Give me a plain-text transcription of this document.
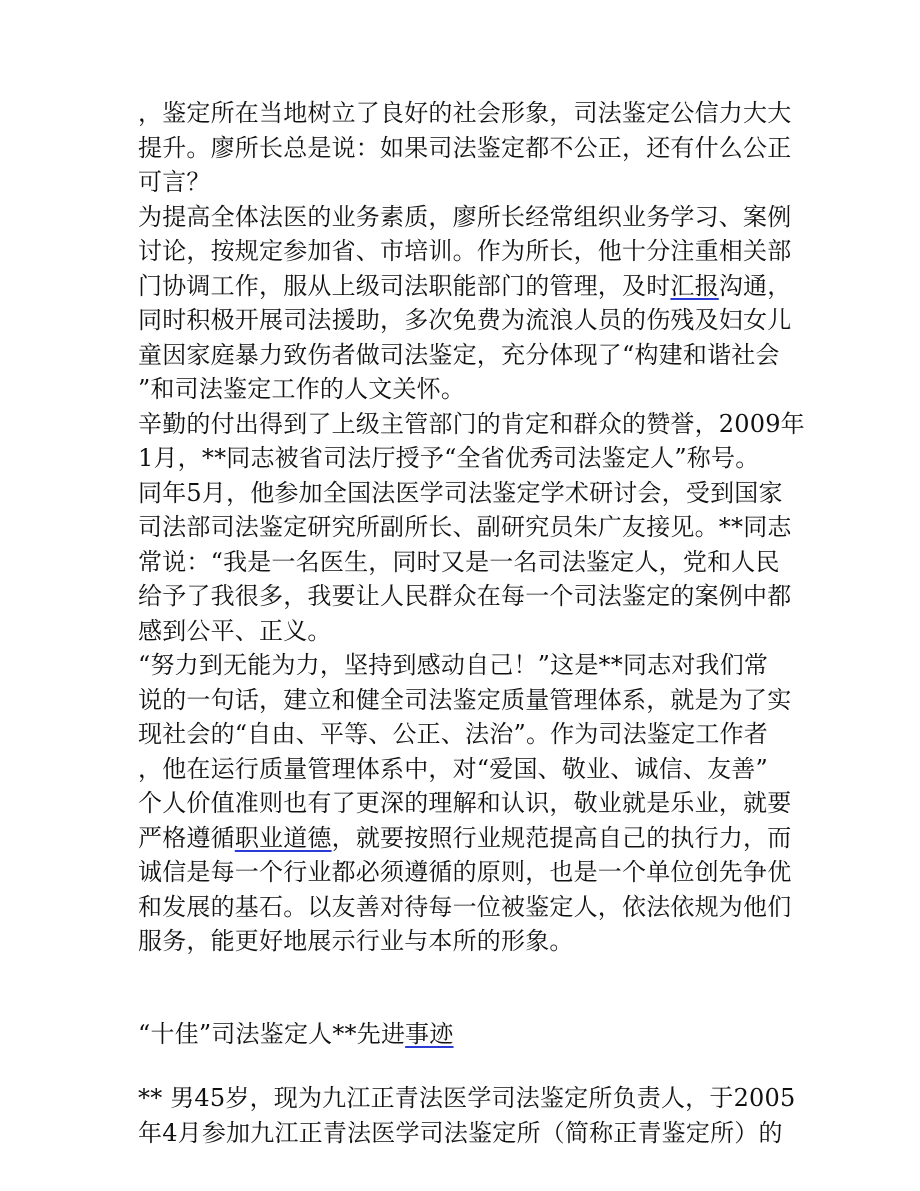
，鉴定所在当地树立了良好的社会形象，司法鉴定公信力大大
提升。廖所长总是说：如果司法鉴定都不公正，还有什么公正
可言？
为提高全体法医的业务素质，廖所长经常组织业务学习、案例
讨论，按规定参加省、市培训。作为所长，他十分注重相关部
门协调工作，服从上级司法职能部门的管理，及时汇报沟通，
同时积极开展司法援助，多次免费为流浪人员的伤残及妇女儿
童因家庭暴力致伤者做司法鉴定，充分体现了“构建和谐社会
”和司法鉴定工作的人文关怀。
辛勤的付出得到了上级主管部门的肯定和群众的赞誉，2009年
1月，**同志被省司法厅授予“全省优秀司法鉴定人”称号。
同年5月，他参加全国法医学司法鉴定学术研讨会，受到国家
司法部司法鉴定研究所副所长、副研究员朱广友接见。**同志
常说：“我是一名医生，同时又是一名司法鉴定人，党和人民
给予了我很多，我要让人民群众在每一个司法鉴定的案例中都
感到公平、正义。
“努力到无能为力，坚持到感动自己！”这是**同志对我们常
说的一句话，建立和健全司法鉴定质量管理体系，就是为了实
现社会的“自由、平等、公正、法治”。作为司法鉴定工作者
，他在运行质量管理体系中，对“爱国、敬业、诚信、友善”
个人价值准则也有了更深的理解和认识，敬业就是乐业，就要
严格遵循职业道德，就要按照行业规范提高自己的执行力，而
诚信是每一个行业都必须遵循的原则，也是一个单位创先争优
和发展的基石。以友善对待每一位被鉴定人，依法依规为他们
服务，能更好地展示行业与本所的形象。
“十佳”司法鉴定人**先进事迹
** 男45岁，现为九江正青法医学司法鉴定所负责人，于2005
年4月参加九江正青法医学司法鉴定所（简称正青鉴定所）的
